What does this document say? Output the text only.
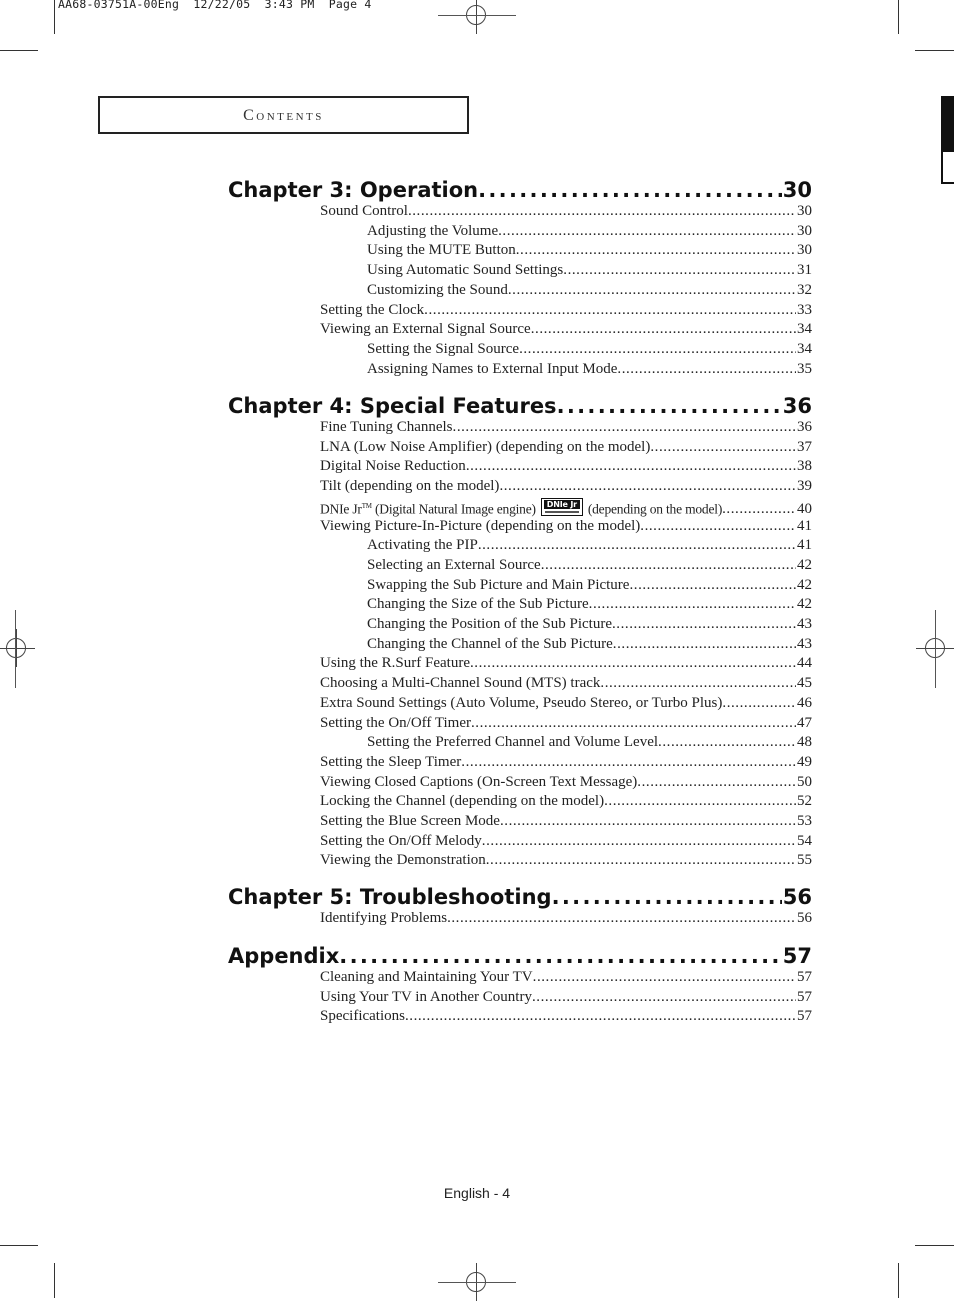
AA68-03751A-00Eng  12/22/05  3:43 PM  Page 4
Contents
Chapter 3: Operation . . .	30
Sound Control . . .	30
Adjusting the Volume . . .	30
Using the MUTE Button . . .	30
Using Automatic Sound Settings . . .	31
Customizing the Sound . . .	32
Setting the Clock . . .	33
Viewing an External Signal Source . . .	34
Setting the Signal Source . . .	34
Assigning Names to External Input Mode . . .	35
Chapter 4: Special Features . . .	36
Fine Tuning Channels . . .	36
LNA (Low Noise Amplifier) (depending on the model) . . .	37
Digital Noise Reduction . . .	38
Tilt (depending on the model) . . .	39
DNIe Jr™ (Digital Natural Image engine)	DNIe Jr (depending on the model) . . .	40
Viewing Picture-In-Picture (depending on the model) . . .	41
Activating the PIP . . .	41
Selecting an External Source . . .	42
Swapping the Sub Picture and Main Picture . . .	42
Changing the Size of the Sub Picture . . .	42
Changing the Position of the Sub Picture . . .	43
Changing the Channel of the Sub Picture . . .	43
Using the R.Surf Feature . . .	44
Choosing a Multi-Channel Sound (MTS) track . . .	45
Extra Sound Settings (Auto Volume, Pseudo Stereo, or Turbo Plus) . . .	46
Setting the On/Off Timer . . .	47
Setting the Preferred Channel and Volume Level . . .	48
Setting the Sleep Timer . . .	49
Viewing Closed Captions (On-Screen Text Message) . . .	50
Locking the Channel (depending on the model) . . .	52
Setting the Blue Screen Mode . . .	53
Setting the On/Off Melody . . .	54
Viewing the Demonstration . . .	55
Chapter 5: Troubleshooting . . .	56
Identifying Problems . . .	56
Appendix . . .	57
Cleaning and Maintaining Your TV . . .	57
Using Your TV in Another Country . . .	57
Specifications . . .	57
English - 4
